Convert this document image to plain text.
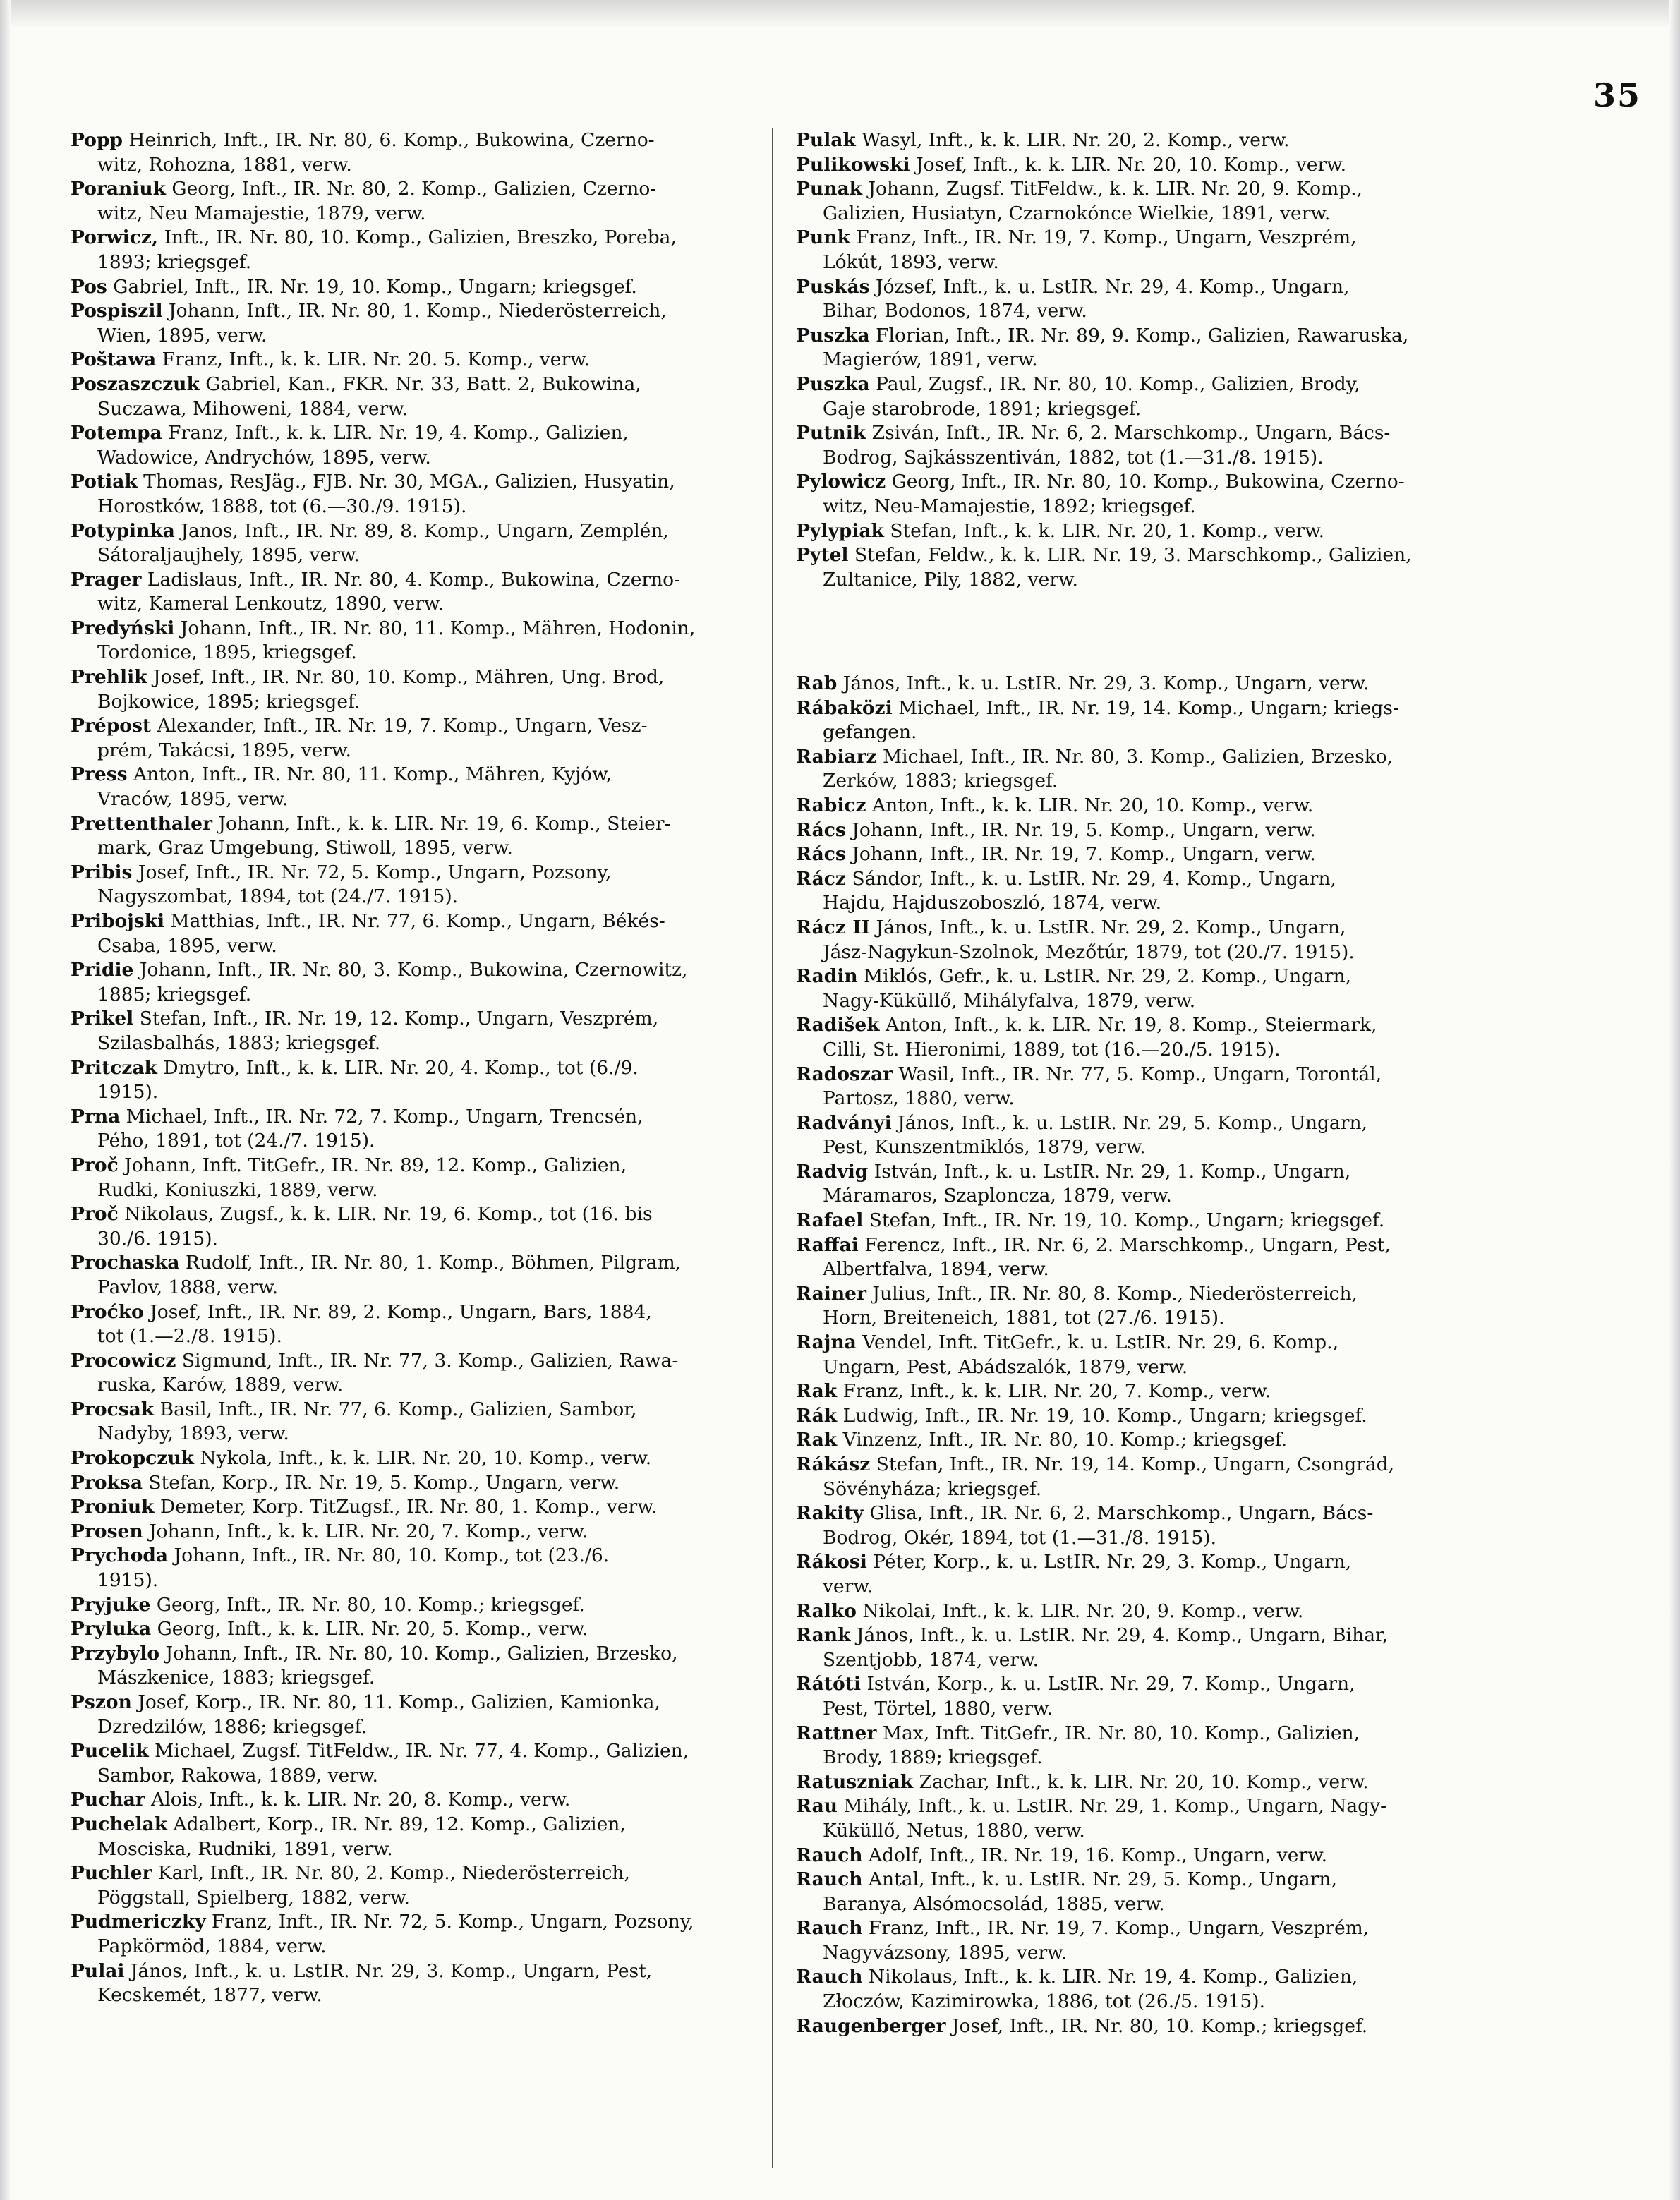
35
Popp Heinrich, Inft., IR. Nr. 80, 6. Komp., Bukowina, Czerno-
witz, Rohozna, 1881, verw.
Poraniuk Georg, Inft., IR. Nr. 80, 2. Komp., Galizien, Czerno-
witz, Neu Mamajestie, 1879, verw.
Porwicz, Inft., IR. Nr. 80, 10. Komp., Galizien, Breszko, Poreba,
1893; kriegsgef.
Pos Gabriel, Inft., IR. Nr. 19, 10. Komp., Ungarn; kriegsgef.
Pospiszil Johann, Inft., IR. Nr. 80, 1. Komp., Niederösterreich,
Wien, 1895, verw.
Poštawa Franz, Inft., k. k. LIR. Nr. 20. 5. Komp., verw.
Poszaszczuk Gabriel, Kan., FKR. Nr. 33, Batt. 2, Bukowina,
Suczawa, Mihoweni, 1884, verw.
Potempa Franz, Inft., k. k. LIR. Nr. 19, 4. Komp., Galizien,
Wadowice, Andrychów, 1895, verw.
Potiak Thomas, ResJäg., FJB. Nr. 30, MGA., Galizien, Husyatin,
Horostków, 1888, tot (6.—30./9. 1915).
Potypinka Janos, Inft., IR. Nr. 89, 8. Komp., Ungarn, Zemplén,
Sátoraljaujhely, 1895, verw.
Prager Ladislaus, Inft., IR. Nr. 80, 4. Komp., Bukowina, Czerno-
witz, Kameral Lenkoutz, 1890, verw.
Predyński Johann, Inft., IR. Nr. 80, 11. Komp., Mähren, Hodonin,
Tordonice, 1895, kriegsgef.
Prehlik Josef, Inft., IR. Nr. 80, 10. Komp., Mähren, Ung. Brod,
Bojkowice, 1895; kriegsgef.
Prépost Alexander, Inft., IR. Nr. 19, 7. Komp., Ungarn, Vesz-
prém, Takácsi, 1895, verw.
Press Anton, Inft., IR. Nr. 80, 11. Komp., Mähren, Kyjów,
Vraców, 1895, verw.
Prettenthaler Johann, Inft., k. k. LIR. Nr. 19, 6. Komp., Steier-
mark, Graz Umgebung, Stiwoll, 1895, verw.
Pribis Josef, Inft., IR. Nr. 72, 5. Komp., Ungarn, Pozsony,
Nagyszombat, 1894, tot (24./7. 1915).
Pribojski Matthias, Inft., IR. Nr. 77, 6. Komp., Ungarn, Békés-
Csaba, 1895, verw.
Pridie Johann, Inft., IR. Nr. 80, 3. Komp., Bukowina, Czernowitz,
1885; kriegsgef.
Prikel Stefan, Inft., IR. Nr. 19, 12. Komp., Ungarn, Veszprém,
Szilasbalhás, 1883; kriegsgef.
Pritczak Dmytro, Inft., k. k. LIR. Nr. 20, 4. Komp., tot (6./9.
1915).
Prna Michael, Inft., IR. Nr. 72, 7. Komp., Ungarn, Trencsén,
Pého, 1891, tot (24./7. 1915).
Proč Johann, Inft. TitGefr., IR. Nr. 89, 12. Komp., Galizien,
Rudki, Koniuszki, 1889, verw.
Proč Nikolaus, Zugsf., k. k. LIR. Nr. 19, 6. Komp., tot (16. bis
30./6. 1915).
Prochaska Rudolf, Inft., IR. Nr. 80, 1. Komp., Böhmen, Pilgram,
Pavlov, 1888, verw.
Proćko Josef, Inft., IR. Nr. 89, 2. Komp., Ungarn, Bars, 1884,
tot (1.—2./8. 1915).
Procowicz Sigmund, Inft., IR. Nr. 77, 3. Komp., Galizien, Rawa-
ruska, Karów, 1889, verw.
Procsak Basil, Inft., IR. Nr. 77, 6. Komp., Galizien, Sambor,
Nadyby, 1893, verw.
Prokopczuk Nykola, Inft., k. k. LIR. Nr. 20, 10. Komp., verw.
Proksa Stefan, Korp., IR. Nr. 19, 5. Komp., Ungarn, verw.
Proniuk Demeter, Korp. TitZugsf., IR. Nr. 80, 1. Komp., verw.
Prosen Johann, Inft., k. k. LIR. Nr. 20, 7. Komp., verw.
Prychoda Johann, Inft., IR. Nr. 80, 10. Komp., tot (23./6.
1915).
Pryjuke Georg, Inft., IR. Nr. 80, 10. Komp.; kriegsgef.
Pryluka Georg, Inft., k. k. LIR. Nr. 20, 5. Komp., verw.
Przybylo Johann, Inft., IR. Nr. 80, 10. Komp., Galizien, Brzesko,
Mászkenice, 1883; kriegsgef.
Pszon Josef, Korp., IR. Nr. 80, 11. Komp., Galizien, Kamionka,
Dzredzilów, 1886; kriegsgef.
Pucelik Michael, Zugsf. TitFeldw., IR. Nr. 77, 4. Komp., Galizien,
Sambor, Rakowa, 1889, verw.
Puchar Alois, Inft., k. k. LIR. Nr. 20, 8. Komp., verw.
Puchelak Adalbert, Korp., IR. Nr. 89, 12. Komp., Galizien,
Mosciska, Rudniki, 1891, verw.
Puchler Karl, Inft., IR. Nr. 80, 2. Komp., Niederösterreich,
Pöggstall, Spielberg, 1882, verw.
Pudmericzky Franz, Inft., IR. Nr. 72, 5. Komp., Ungarn, Pozsony,
Papkörmöd, 1884, verw.
Pulai János, Inft., k. u. LstIR. Nr. 29, 3. Komp., Ungarn, Pest,
Kecskemét, 1877, verw.
Pulak Wasyl, Inft., k. k. LIR. Nr. 20, 2. Komp., verw.
Pulikowski Josef, Inft., k. k. LIR. Nr. 20, 10. Komp., verw.
Punak Johann, Zugsf. TitFeldw., k. k. LIR. Nr. 20, 9. Komp.,
Galizien, Husiatyn, Czarnokónce Wielkie, 1891, verw.
Punk Franz, Inft., IR. Nr. 19, 7. Komp., Ungarn, Veszprém,
Lókút, 1893, verw.
Puskás József, Inft., k. u. LstIR. Nr. 29, 4. Komp., Ungarn,
Bihar, Bodonos, 1874, verw.
Puszka Florian, Inft., IR. Nr. 89, 9. Komp., Galizien, Rawaruska,
Magierów, 1891, verw.
Puszka Paul, Zugsf., IR. Nr. 80, 10. Komp., Galizien, Brody,
Gaje starobrode, 1891; kriegsgef.
Putnik Zsiván, Inft., IR. Nr. 6, 2. Marschkomp., Ungarn, Bács-
Bodrog, Sajkásszentiván, 1882, tot (1.—31./8. 1915).
Pylowicz Georg, Inft., IR. Nr. 80, 10. Komp., Bukowina, Czerno-
witz, Neu-Mamajestie, 1892; kriegsgef.
Pylypiak Stefan, Inft., k. k. LIR. Nr. 20, 1. Komp., verw.
Pytel Stefan, Feldw., k. k. LIR. Nr. 19, 3. Marschkomp., Galizien,
Zultanice, Pily, 1882, verw.
Rab János, Inft., k. u. LstIR. Nr. 29, 3. Komp., Ungarn, verw.
Rábaközi Michael, Inft., IR. Nr. 19, 14. Komp., Ungarn; kriegs-
gefangen.
Rabiarz Michael, Inft., IR. Nr. 80, 3. Komp., Galizien, Brzesko,
Zerków, 1883; kriegsgef.
Rabicz Anton, Inft., k. k. LIR. Nr. 20, 10. Komp., verw.
Rács Johann, Inft., IR. Nr. 19, 5. Komp., Ungarn, verw.
Rács Johann, Inft., IR. Nr. 19, 7. Komp., Ungarn, verw.
Rácz Sándor, Inft., k. u. LstIR. Nr. 29, 4. Komp., Ungarn,
Hajdu, Hajduszoboszló, 1874, verw.
Rácz II János, Inft., k. u. LstIR. Nr. 29, 2. Komp., Ungarn,
Jász-Nagykun-Szolnok, Mezőtúr, 1879, tot (20./7. 1915).
Radin Miklós, Gefr., k. u. LstIR. Nr. 29, 2. Komp., Ungarn,
Nagy-Küküllő, Mihályfalva, 1879, verw.
Radišek Anton, Inft., k. k. LIR. Nr. 19, 8. Komp., Steiermark,
Cilli, St. Hieronimi, 1889, tot (16.—20./5. 1915).
Radoszar Wasil, Inft., IR. Nr. 77, 5. Komp., Ungarn, Torontál,
Partosz, 1880, verw.
Radványi János, Inft., k. u. LstIR. Nr. 29, 5. Komp., Ungarn,
Pest, Kunszentmiklós, 1879, verw.
Radvig István, Inft., k. u. LstIR. Nr. 29, 1. Komp., Ungarn,
Máramaros, Szaploncza, 1879, verw.
Rafael Stefan, Inft., IR. Nr. 19, 10. Komp., Ungarn; kriegsgef.
Raffai Ferencz, Inft., IR. Nr. 6, 2. Marschkomp., Ungarn, Pest,
Albertfalva, 1894, verw.
Rainer Julius, Inft., IR. Nr. 80, 8. Komp., Niederösterreich,
Horn, Breiteneich, 1881, tot (27./6. 1915).
Rajna Vendel, Inft. TitGefr., k. u. LstIR. Nr. 29, 6. Komp.,
Ungarn, Pest, Abádszalók, 1879, verw.
Rak Franz, Inft., k. k. LIR. Nr. 20, 7. Komp., verw.
Rák Ludwig, Inft., IR. Nr. 19, 10. Komp., Ungarn; kriegsgef.
Rak Vinzenz, Inft., IR. Nr. 80, 10. Komp.; kriegsgef.
Rákász Stefan, Inft., IR. Nr. 19, 14. Komp., Ungarn, Csongrád,
Sövényháza; kriegsgef.
Rakity Glisa, Inft., IR. Nr. 6, 2. Marschkomp., Ungarn, Bács-
Bodrog, Okér, 1894, tot (1.—31./8. 1915).
Rákosi Péter, Korp., k. u. LstIR. Nr. 29, 3. Komp., Ungarn,
verw.
Ralko Nikolai, Inft., k. k. LIR. Nr. 20, 9. Komp., verw.
Rank János, Inft., k. u. LstIR. Nr. 29, 4. Komp., Ungarn, Bihar,
Szentjobb, 1874, verw.
Rátóti István, Korp., k. u. LstIR. Nr. 29, 7. Komp., Ungarn,
Pest, Törtel, 1880, verw.
Rattner Max, Inft. TitGefr., IR. Nr. 80, 10. Komp., Galizien,
Brody, 1889; kriegsgef.
Ratuszniak Zachar, Inft., k. k. LIR. Nr. 20, 10. Komp., verw.
Rau Mihály, Inft., k. u. LstIR. Nr. 29, 1. Komp., Ungarn, Nagy-
Küküllő, Netus, 1880, verw.
Rauch Adolf, Inft., IR. Nr. 19, 16. Komp., Ungarn, verw.
Rauch Antal, Inft., k. u. LstIR. Nr. 29, 5. Komp., Ungarn,
Baranya, Alsómocsolád, 1885, verw.
Rauch Franz, Inft., IR. Nr. 19, 7. Komp., Ungarn, Veszprém,
Nagyvázsony, 1895, verw.
Rauch Nikolaus, Inft., k. k. LIR. Nr. 19, 4. Komp., Galizien,
Złoczów, Kazimirowka, 1886, tot (26./5. 1915).
Raugenberger Josef, Inft., IR. Nr. 80, 10. Komp.; kriegsgef.
